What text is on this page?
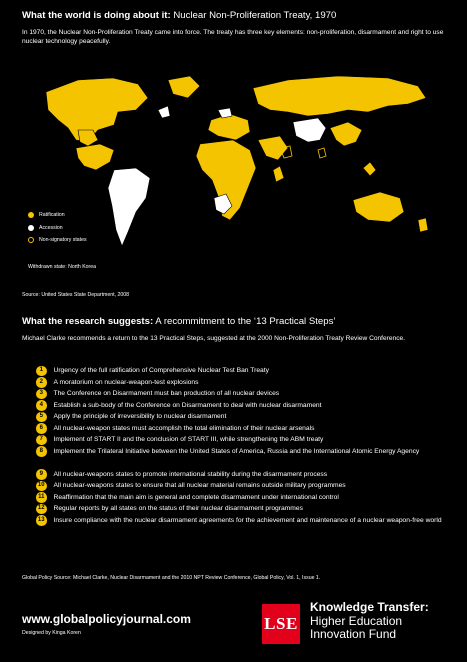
What the world is doing about it: Nuclear Non-Proliferation Treaty, 1970
In 1970, the Nuclear Non-Proliferation Treaty came into force. The treaty has three key elements: non-proliferation, disarmament and right to use nuclear technology peacefully.
Ratification
Accession
Non-signatory states
Withdrawn state: North Korea
Source: United States State Department, 2008
What the research suggests: A recommitment to the ‘13 Practical Steps’
Michael Clarke recommends a return to the 13 Practical Steps, suggested at the 2000 Non-Proliferation Treaty Review Conference.
1	Urgency of the full ratification of Comprehensive Nuclear Test Ban Treaty
2	A moratorium on nuclear-weapon-test explosions
3	The Conference on Disarmament must ban production of all nuclear devices
4	Establish a sub-body of the Conference on Disarmament to deal with nuclear disarmament
5	Apply the principle of irreversibility to nuclear disarmament
6	All nuclear-weapon states must accomplish the total elimination of their nuclear arsenals
7	Implement of START II and the conclusion of START III, while strengthening the ABM treaty
8	Implement the Trilateral Initiative between the United States of America, Russia and the International Atomic Energy Agency
9	All nuclear-weapons states to promote international stability during the disarmament process
10 All nuclear-weapons states to ensure that all nuclear material remains outside military programmes
11	Reaffirmation that the main aim is general and complete disarmament under international control
12 Regular reports by all states on the status of their nuclear disarmament programmes
13 Insure compliance with the nuclear disarmament agreements for the achievement and maintenance of a nuclear weapon-free world
Global Policy Source: Michael Clarke, Nuclear Disarmament and the 2010 NPT Review Conference, Global Policy, Vol. 1, Issue 1.
www.globalpolicyjournal.com
Designed by Kinga Koren	LSE
Knowledge Transfer:
Higher Education
Innovation Fund
